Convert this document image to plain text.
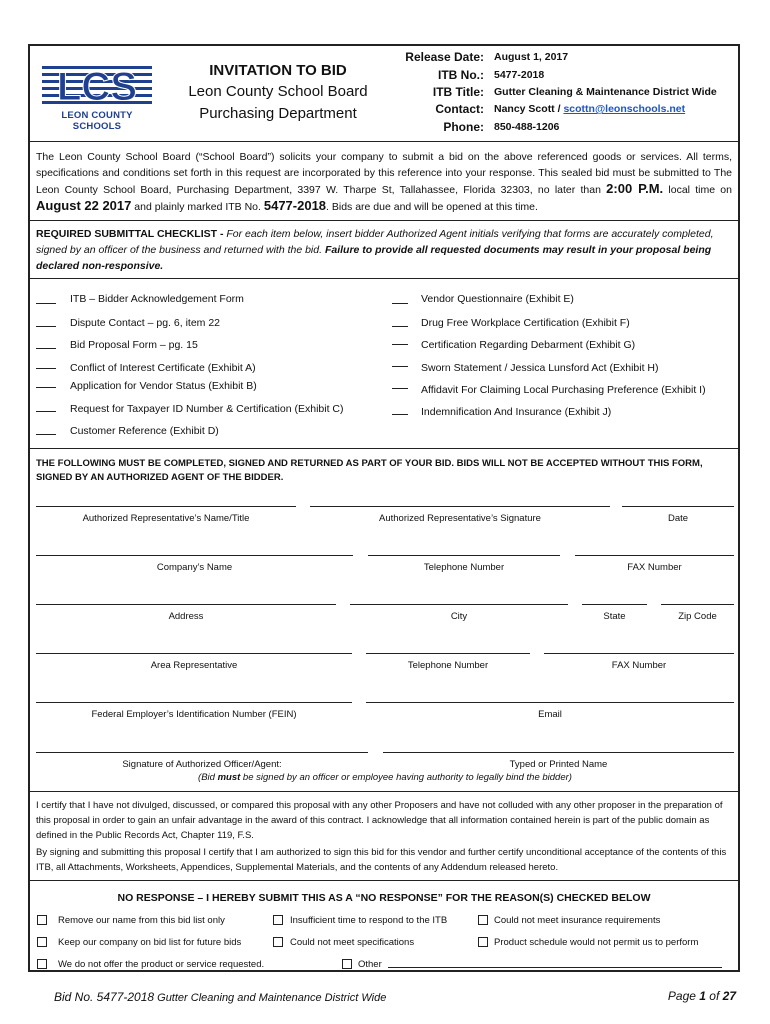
LCS
LEON COUNTY SCHOOLS
INVITATION TO BID
Leon County School Board
Purchasing Department
Release Date: August 1, 2017
ITB No.: 5477-2018
ITB Title: Gutter Cleaning & Maintenance District Wide
Contact: Nancy Scott / scottn@leonschools.net
Phone: 850-488-1206
The Leon County School Board (“School Board”) solicits your company to submit a bid on the above referenced goods or services. All terms, specifications and conditions set forth in this request are incorporated by this reference into your response. This sealed bid must be submitted to The Leon County School Board, Purchasing Department, 3397 W. Tharpe St, Tallahassee, Florida 32303, no later than 2:00 P.M. local time on August 22 2017 and plainly marked ITB No. 5477-2018. Bids are due and will be opened at this time.
REQUIRED SUBMITTAL CHECKLIST - For each item below, insert bidder Authorized Agent initials verifying that forms are accurately completed, signed by an officer of the business and returned with the bid. Failure to provide all requested documents may result in your proposal being declared non-responsive.
ITB – Bidder Acknowledgement Form
Dispute Contact – pg. 6, item 22
Bid Proposal Form – pg. 15
Conflict of Interest Certificate (Exhibit A)
Application for Vendor Status (Exhibit B)
Request for Taxpayer ID Number & Certification (Exhibit C)
Customer Reference (Exhibit D)
Vendor Questionnaire (Exhibit E)
Drug Free Workplace Certification (Exhibit F)
Certification Regarding Debarment (Exhibit G)
Sworn Statement / Jessica Lunsford Act (Exhibit H)
Affidavit For Claiming Local Purchasing Preference (Exhibit I)
Indemnification And Insurance (Exhibit J)
THE FOLLOWING MUST BE COMPLETED, SIGNED AND RETURNED AS PART OF YOUR BID. BIDS WILL NOT BE ACCEPTED WITHOUT THIS FORM, SIGNED BY AN AUTHORIZED AGENT OF THE BIDDER.
Authorized Representative’s Name/Title	Authorized Representative’s Signature	Date
Company’s Name	Telephone Number	FAX Number
Address	City	State	Zip Code
Area Representative	Telephone Number	FAX Number
Federal Employer’s Identification Number (FEIN)	Email
Signature of Authorized Officer/Agent:	Typed or Printed Name
(Bid must be signed by an officer or employee having authority to legally bind the bidder)
I certify that I have not divulged, discussed, or compared this proposal with any other Proposers and have not colluded with any other proposer in the preparation of this proposal in order to gain an unfair advantage in the award of this contract. I acknowledge that all information contained herein is part of the public domain as defined in the Public Records Act, Chapter 119, F.S.
By signing and submitting this proposal I certify that I am authorized to sign this bid for this vendor and further certify unconditional acceptance of the contents of this ITB, all Attachments, Worksheets, Appendices, Supplemental Materials, and the contents of any Addendum released hereto.
NO RESPONSE – I HEREBY SUBMIT THIS AS A “NO RESPONSE” FOR THE REASON(S) CHECKED BELOW
Remove our name from this bid list only	Insufficient time to respond to the ITB	Could not meet insurance requirements
Keep our company on bid list for future bids	Could not meet specifications	Product schedule would not permit us to perform
We do not offer the product or service requested.	Other
Bid No. 5477-2018 Gutter Cleaning and Maintenance District Wide	Page 1 of 27
